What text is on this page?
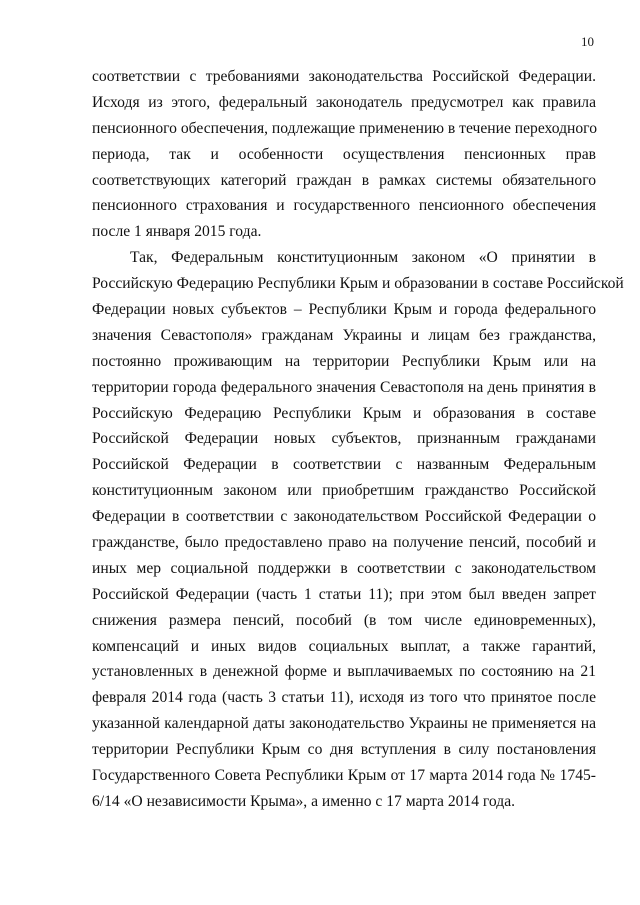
10
соответствии с требованиями законодательства Российской Федерации.
Исходя из этого, федеральный законодатель предусмотрел как правила
пенсионного обеспечения, подлежащие применению в течение переходного
периода, так и особенности осуществления пенсионных прав
соответствующих категорий граждан в рамках системы обязательного
пенсионного страхования и государственного пенсионного обеспечения
после 1 января 2015 года.
Так, Федеральным конституционным законом «О принятии в
Российскую Федерацию Республики Крым и образовании в составе Российской
Федерации новых субъектов – Республики Крым и города федерального
значения Севастополя» гражданам Украины и лицам без гражданства,
постоянно проживающим на территории Республики Крым или на
территории города федерального значения Севастополя на день принятия в
Российскую Федерацию Республики Крым и образования в составе
Российской Федерации новых субъектов, признанным гражданами
Российской Федерации в соответствии с названным Федеральным
конституционным законом или приобретшим гражданство Российской
Федерации в соответствии с законодательством Российской Федерации о
гражданстве, было предоставлено право на получение пенсий, пособий и
иных мер социальной поддержки в соответствии с законодательством
Российской Федерации (часть 1 статьи 11); при этом был введен запрет
снижения размера пенсий, пособий (в том числе единовременных),
компенсаций и иных видов социальных выплат, а также гарантий,
установленных в денежной форме и выплачиваемых по состоянию на 21
февраля 2014 года (часть 3 статьи 11), исходя из того что принятое после
указанной календарной даты законодательство Украины не применяется на
территории Республики Крым со дня вступления в силу постановления
Государственного Совета Республики Крым от 17 марта 2014 года № 1745-
6/14 «О независимости Крыма», а именно с 17 марта 2014 года.
